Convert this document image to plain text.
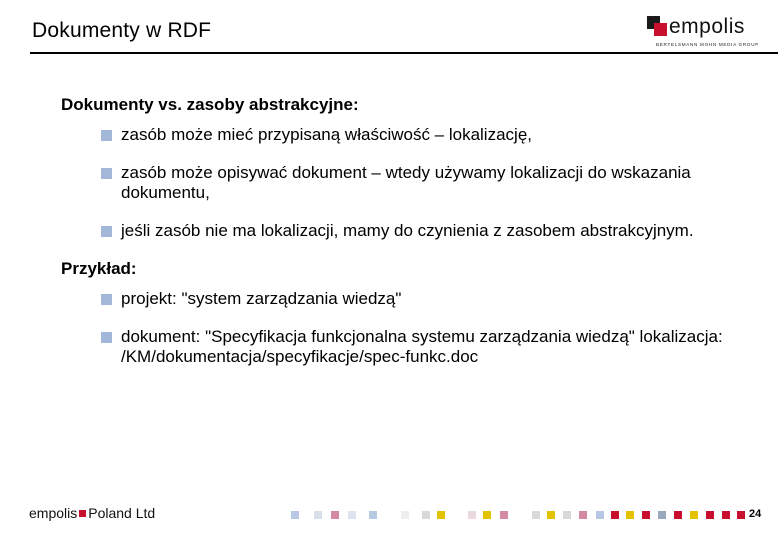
Dokumenty w RDF	empolis
BERTELSMANN MOHN MEDIA GROUP

Dokumenty vs. zasoby abstrakcyjne:

zasób może mieć przypisaną właściwość – lokalizację,
zasób może opisywać dokument – wtedy używamy lokalizacji do wskazania dokumentu,
jeśli zasób nie ma lokalizacji, mamy do czynienia z zasobem abstrakcyjnym.

Przykład:

projekt: "system zarządzania wiedzą"
dokument: "Specyfikacja funkcjonalna systemu zarządzania wiedzą" lokalizacja: /KM/dokumentacja/specyfikacje/spec-funkc.doc
empolis Poland Ltd	24
